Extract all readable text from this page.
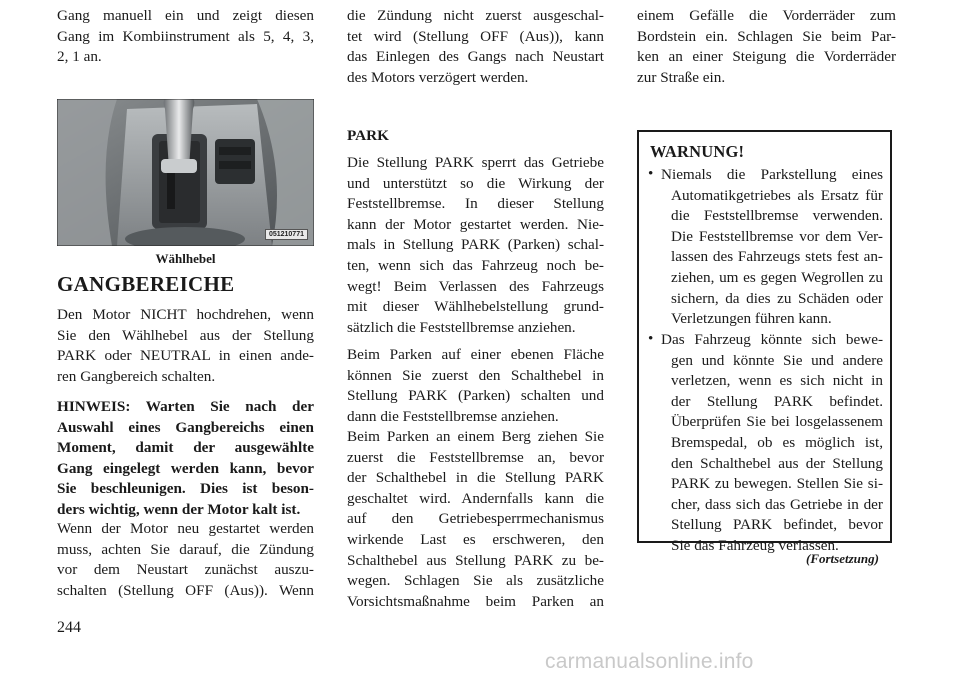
Gang manuell ein und zeigt diesen
Gang im Kombiinstrument als 5, 4, 3,
2, 1 an.
051210771
Wählhebel
GANGBEREICHE
Den Motor NICHT hochdrehen, wenn
Sie den Wählhebel aus der Stellung
PARK oder NEUTRAL in einen ande-
ren Gangbereich schalten.
HINWEIS: Warten Sie nach der
Auswahl eines Gangbereichs einen
Moment, damit der ausgewählte
Gang eingelegt werden kann, bevor
Sie beschleunigen. Dies ist beson-
ders wichtig, wenn der Motor kalt ist.
Wenn der Motor neu gestartet werden
muss, achten Sie darauf, die Zündung
vor dem Neustart zunächst auszu-
schalten (Stellung OFF (Aus)). Wenn
die Zündung nicht zuerst ausgeschal-
tet wird (Stellung OFF (Aus)), kann
das Einlegen des Gangs nach Neustart
des Motors verzögert werden.
PARK
Die Stellung PARK sperrt das Getriebe
und unterstützt so die Wirkung der
Feststellbremse. In dieser Stellung
kann der Motor gestartet werden. Nie-
mals in Stellung PARK (Parken) schal-
ten, wenn sich das Fahrzeug noch be-
wegt! Beim Verlassen des Fahrzeugs
mit dieser Wählhebelstellung grund-
sätzlich die Feststellbremse anziehen.
Beim Parken auf einer ebenen Fläche
können Sie zuerst den Schalthebel in
Stellung PARK (Parken) schalten und
dann die Feststellbremse anziehen.
Beim Parken an einem Berg ziehen Sie
zuerst die Feststellbremse an, bevor
der Schalthebel in die Stellung PARK
geschaltet wird. Andernfalls kann die
auf den Getriebesperrmechanismus
wirkende Last es erschweren, den
Schalthebel aus Stellung PARK zu be-
wegen. Schlagen Sie als zusätzliche
Vorsichtsmaßnahme beim Parken an
einem Gefälle die Vorderräder zum
Bordstein ein. Schlagen Sie beim Par-
ken an einer Steigung die Vorderräder
zur Straße ein.
WARNUNG!
• Niemals die Parkstellung eines
Automatikgetriebes als Ersatz für
die Feststellbremse verwenden.
Die Feststellbremse vor dem Ver-
lassen des Fahrzeugs stets fest an-
ziehen, um es gegen Wegrollen zu
sichern, da dies zu Schäden oder
Verletzungen führen kann.
• Das Fahrzeug könnte sich bewe-
gen und könnte Sie und andere
verletzen, wenn es sich nicht in
der Stellung PARK befindet.
Überprüfen Sie bei losgelassenem
Bremspedal, ob es möglich ist,
den Schalthebel aus der Stellung
PARK zu bewegen. Stellen Sie si-
cher, dass sich das Getriebe in der
Stellung PARK befindet, bevor
Sie das Fahrzeug verlassen.
(Fortsetzung)
244
carmanualsonline.info
